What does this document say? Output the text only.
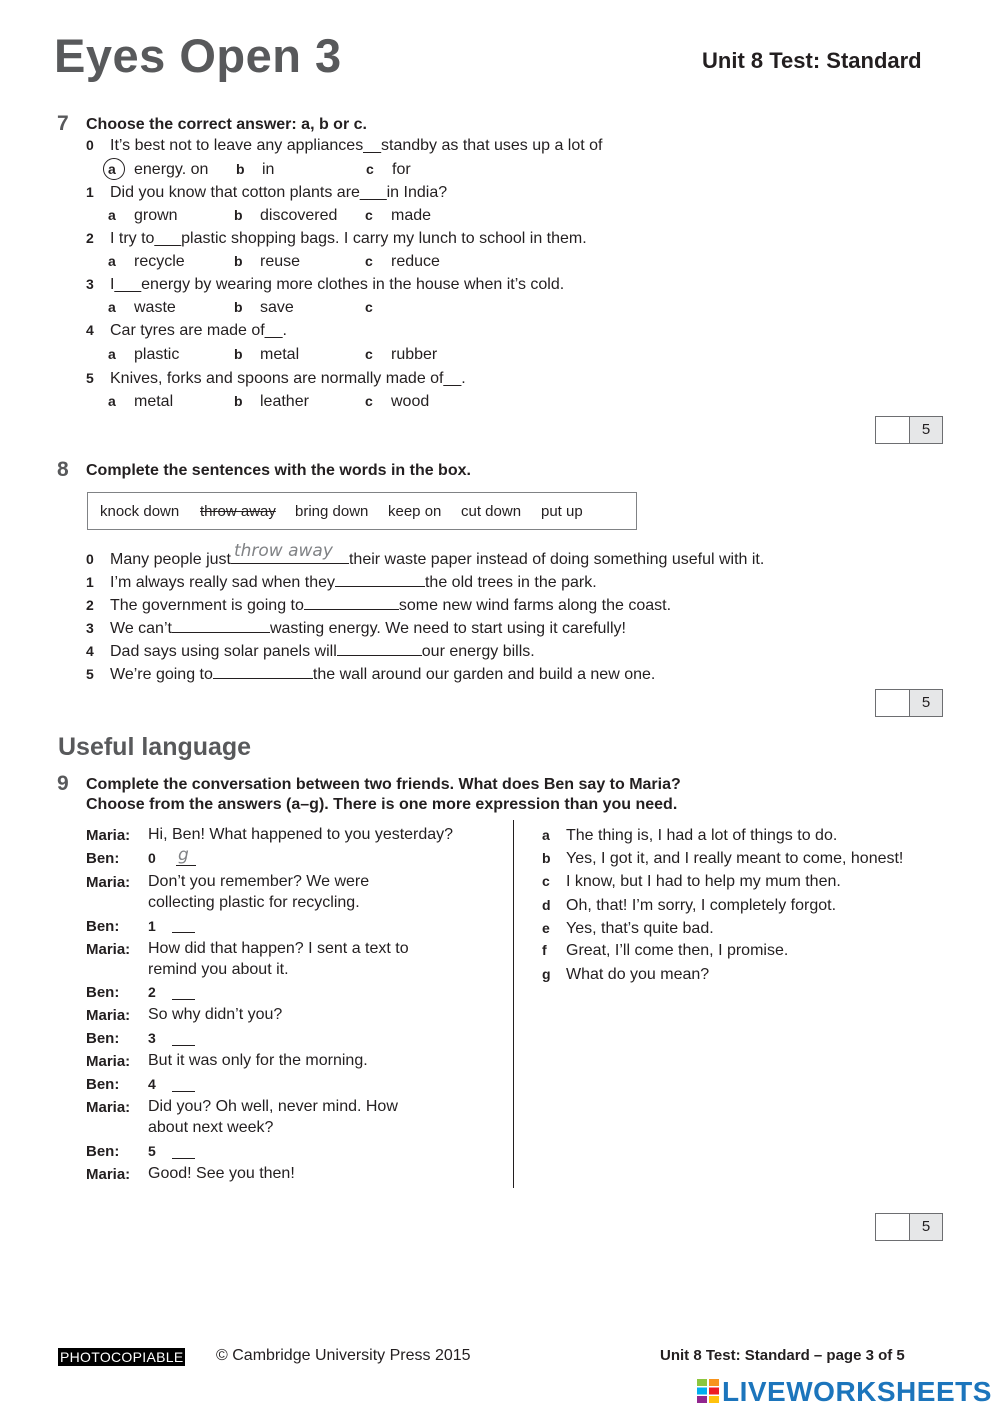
Eyes Open 3	Unit 8 Test: Standard
7 Choose the correct answer: a, b or c.
0 It’s best not to leave any appliances__standby as that uses up a lot of
a energy. on b in	c for
1 Did you know that cotton plants are___in India?
a grown	b discovered c made
2 I try to___plastic shopping bags. I carry my lunch to school in them.
a recycle	b reuse	c reduce
3 I___energy by wearing more clothes in the house when it’s cold.
a waste	b save	c
4 Car tyres are made of__.
a plastic	b metal	c rubber
5 Knives, forks and spoons are normally made of__.
a metal	b leather	c wood
5
8 Complete the sentences with the words in the box.
knock down throw away bring down keep on cut down put up
0 Many people just throw away their waste paper instead of doing something useful with it.
1 I’m always really sad when they	the old trees in the park.
2 The government is going to	some new wind farms along the coast.
3 We can’t	wasting energy. We need to start using it carefully!
4 Dad says using solar panels will	our energy bills.
5 We’re going to	the wall around our garden and build a new one.
5
Useful language
9 Complete the conversation between two friends. What does Ben say to Maria?
Choose from the answers (a–g). There is one more expression than you need.
Maria: Hi, Ben! What happened to you yesterday?
Ben: 0 g
Maria: Don’t you remember? We were
collecting plastic for recycling.
Ben: 1
Maria: How did that happen? I sent a text to
remind you about it.
Ben: 2
Maria: So why didn’t you?
Ben: 3
Maria: But it was only for the morning.
Ben: 4
Maria: Did you? Oh well, never mind. How
about next week?
Ben: 5
Maria: Good! See you then!
a The thing is, I had a lot of things to do.
b Yes, I got it, and I really meant to come, honest!
c I know, but I had to help my mum then.
d Oh, that! I’m sorry, I completely forgot.
e Yes, that’s quite bad.
f Great, I’ll come then, I promise.
g What do you mean?
5
PHOTOCOPIABLE © Cambridge University Press 2015	Unit 8 Test: Standard – page 3 of 5
LIVEWORKSHEETS
